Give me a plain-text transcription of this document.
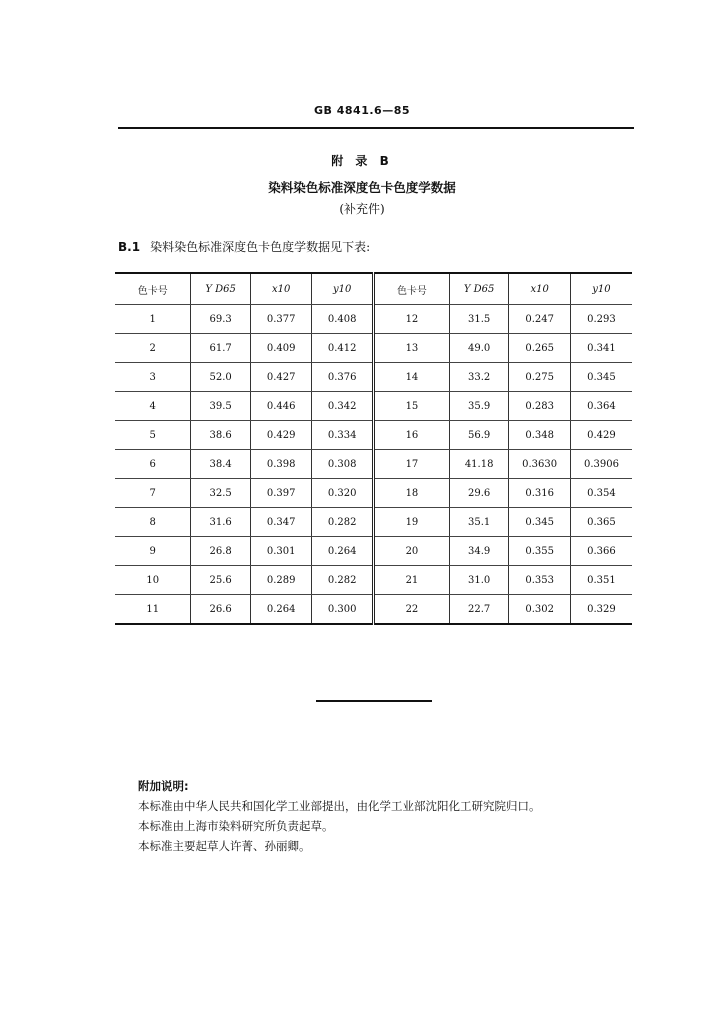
GB 4841.6—85
附 录 B
染料染色标准深度色卡色度学数据
(补充件)
B.1 染料染色标准深度色卡色度学数据见下表:
色卡号	Y D65	x10	y10	色卡号	Y D65	x10	y10
1	69.3	0.377	0.408	12	31.5	0.247	0.293
2	61.7	0.409	0.412	13	49.0	0.265	0.341
3	52.0	0.427	0.376	14	33.2	0.275	0.345
4	39.5	0.446	0.342	15	35.9	0.283	0.364
5	38.6	0.429	0.334	16	56.9	0.348	0.429
6	38.4	0.398	0.308	17	41.18	0.3630	0.3906
7	32.5	0.397	0.320	18	29.6	0.316	0.354
8	31.6	0.347	0.282	19	35.1	0.345	0.365
9	26.8	0.301	0.264	20	34.9	0.355	0.366
10	25.6	0.289	0.282	21	31.0	0.353	0.351
11	26.6	0.264	0.300	22	22.7	0.302	0.329
附加说明:
本标准由中华人民共和国化学工业部提出，由化学工业部沈阳化工研究院归口。
本标准由上海市染料研究所负责起草。
本标准主要起草人许菁、孙丽卿。
